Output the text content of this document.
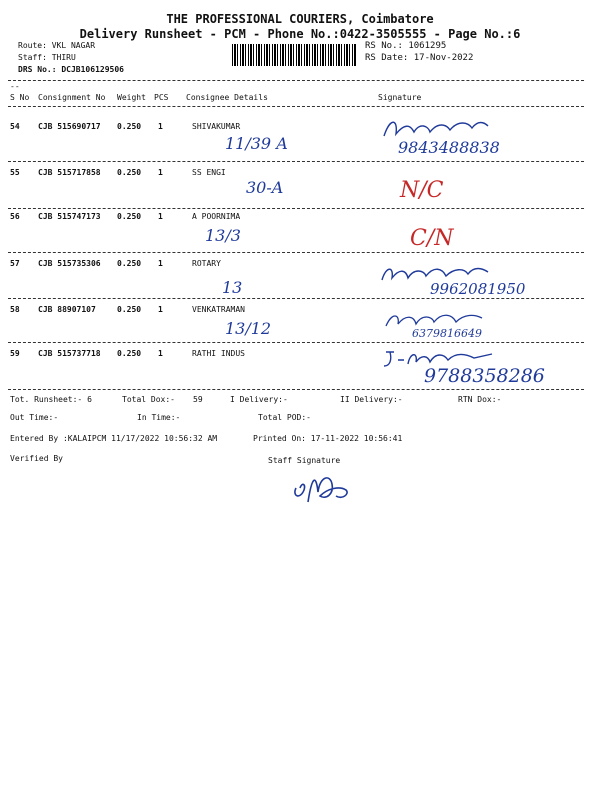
THE PROFESSIONAL COURIERS, Coimbatore
Delivery Runsheet - PCM - Phone No.:0422-3505555 - Page No.:6
Route: VKL NAGAR
Staff: THIRU
DRS No.: DCJB106129506
RS No.: 1061295
RS Date: 17-Nov-2022
--
S No Consignment No Weight PCS Consignee Details	Signature
54 CJB 515690717 0.250 1	SHIVAKUMAR
11/39 A	9843488838
55 CJB 515717858 0.250 1	SS ENGI
30-A	N/C
56 CJB 515747173 0.250 1	A POORNIMA
13/3	C/N
57 CJB 515735306 0.250 1	ROTARY
13	9962081950
58 CJB 88907107	0.250 1	VENKATRAMAN
13/12	6379816649
59 CJB 515737718 0.250 1	RATHI INDUS
9788358286
Tot. Runsheet:- 6	Total Dox:- 59	I Delivery:-	II Delivery:-	RTN Dox:-
Out Time:-	In Time:-	Total POD:-
Entered By :KALAIPCM 11/17/2022 10:56:32 AM	Printed On: 17-11-2022 10:56:41
Verified By	Staff Signature
